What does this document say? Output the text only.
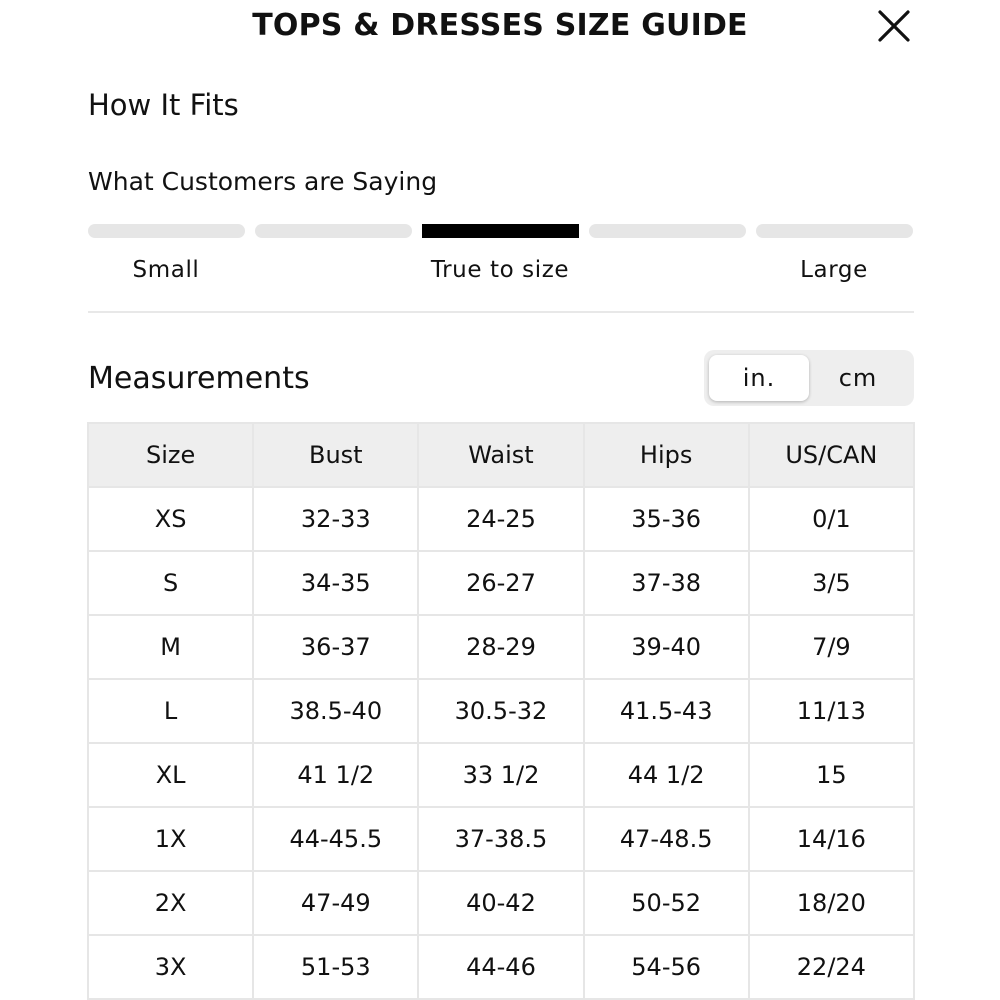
TOPS & DRESSES SIZE GUIDE
How It Fits
What Customers are Saying
Small	True to size	Large
Measurements	in.	cm
Size	Bust	Waist	Hips	US/CAN
XS	32-33	24-25	35-36	0/1
S	34-35	26-27	37-38	3/5
M	36-37	28-29	39-40	7/9
L	38.5-40	30.5-32	41.5-43	11/13
XL	41 1/2	33 1/2	44 1/2	15
1X	44-45.5	37-38.5	47-48.5	14/16
2X	47-49	40-42	50-52	18/20
3X	51-53	44-46	54-56	22/24
